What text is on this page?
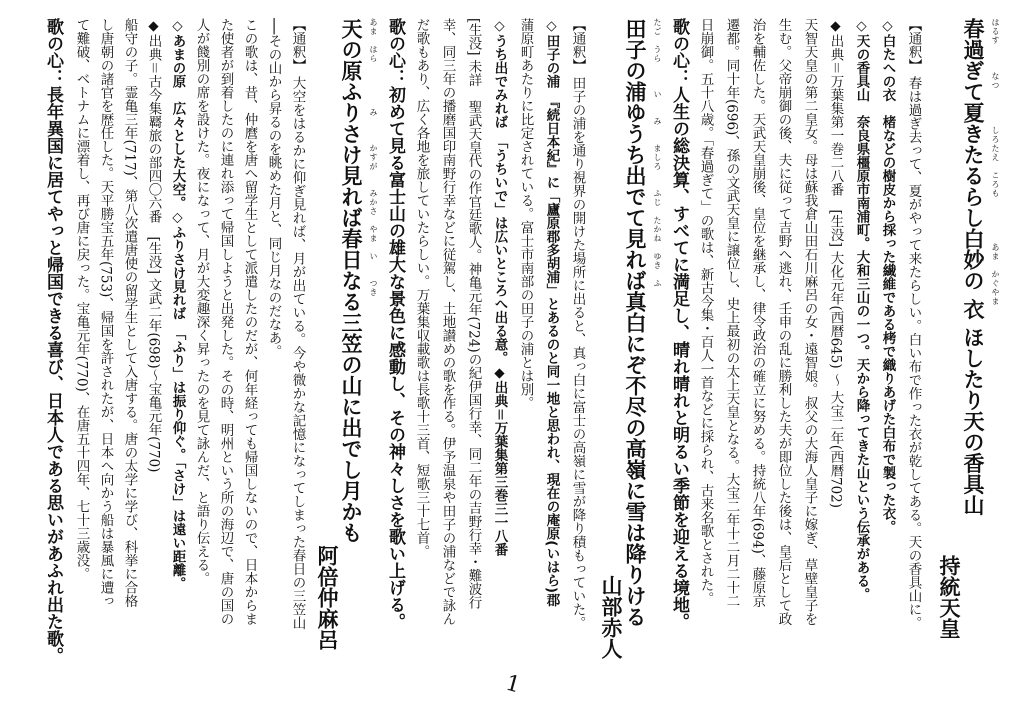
はるす　　　なつ　　　　しろたえ　ころも　　　　　あま　かぐやま
春過ぎて夏きたるらし白妙の 衣 ほしたり天の香具山
持統天皇
【通釈】 春は過ぎ去って、夏がやって来たらしい。白い布で作った衣が乾してある。天の香具山に。
◇白たへの衣　楮などの樹皮から採った繊維である栲で織りあげた白布で製った衣。
◇天の香具山　奈良県橿原市南浦町。大和三山の一つ。天から降ってきた山という伝承がある。
◆出典＝万葉集第一巻二八番　[生没] 大化元年(西暦645) ～ 大宝二年(西暦702)
天智天皇の第二皇女。母は蘇我倉山田石川麻呂の女・遠智娘。叔父の大海人皇子に嫁ぎ、草壁皇子を
生む。父帝崩御の後、夫に従って吉野へ逃れ、壬申の乱に勝利した夫が即位した後は、皇后として政
治を輔佐した。天武天皇崩後、皇位を継承し、律令政治の確立に努める。持統八年(694)、藤原京
遷都。同十年(696)、孫の文武天皇に譲位し、史上最初の太上天皇となる。大宝二年十二月二十二
日崩御。五十八歳。「春過ぎて」の歌は、新古今集・百人一首などに採られ、古来名歌とされた。
歌の心：人生の総決算、すべてに満足し、晴れ晴れと明るい季節を迎える境地。
たご　うら　　　い　　み　　ましろ　　ふじ　たかね　ゆき　ふ
田子の浦ゆうち出でて見れば真白にぞ不尽の高嶺に雪は降りける
山部赤人
【通釈】 田子の浦を通り視界の開けた場所に出ると、真っ白に富士の高嶺に雪が降り積もっていた。
◇田子の浦　『続日本紀』に「廬原郡多胡浦」とあるのと同一地と思われ、現在の庵原(いはら)郡
蒲原町あたりに比定されている。富士市南部の田子の浦とは別。
◇うち出でみれば　「うちいで」は広いところへ出る意。◆出典＝万葉集第三巻三一八番
[生没] 未詳　聖武天皇代の作官廷歌人。神亀元年(724)の紀伊国行幸、同二年の吉野行幸・難波行
幸、同三年の播磨国印南野行幸などに従駕し、土地讃めの歌を作る。伊予温泉や田子の浦などで詠ん
だ歌もあり、広く各地を旅していたらしい。万葉集収載歌は長歌十三首、短歌三十七首。
歌の心：初めて見る富士山の雄大な景色に感動し、その神々しさを歌い上げる。
あま　はら　　　　　み　　　かすが　　みかさ　やま　い　　つき
天の原ふりさけ見れば春日なる三笠の山に出でし月かも
阿倍仲麻呂
【通釈】 大空をはるかに仰ぎ見れば、月が出ている。今や微かな記憶になってしまった春日の三笠山
──その山から昇るのを眺めた月と、同じ月なのだなあ。
この歌は、昔、仲麿を唐へ留学生として派遣したのだが、何年経っても帰国しないので、日本からま
た使者が到着したのに連れ添って帰国しようと出発した。その時、明州という所の海辺で、唐の国の
人が餞別の席を設けた。夜になって、月が大変趣深く昇ったのを見て詠んだ、と語り伝える。
◇あまの原　広々とした大空。◇ふりさけ見れば　「ふり」は振り仰ぐ。「さけ」は遠い距離。
◆出典＝古今集羇旅の部四〇六番　[生没] 文武二年(698)～宝亀元年(770)
船守の子。霊亀三年(717)、第八次遣唐使の留学生として入唐する。唐の太学に学び、科挙に合格
し唐朝の諸官を歴任した。天平勝宝五年(753)、帰国を許されたが、日本へ向かう船は暴風に遭っ
て難破、ベトナムに漂着し、再び唐に戻った。宝亀元年(770)、在唐五十四年、七十三歳没。
歌の心：長年異国に居てやっと帰国できる喜び、日本人である思いがあふれ出た歌。
1
